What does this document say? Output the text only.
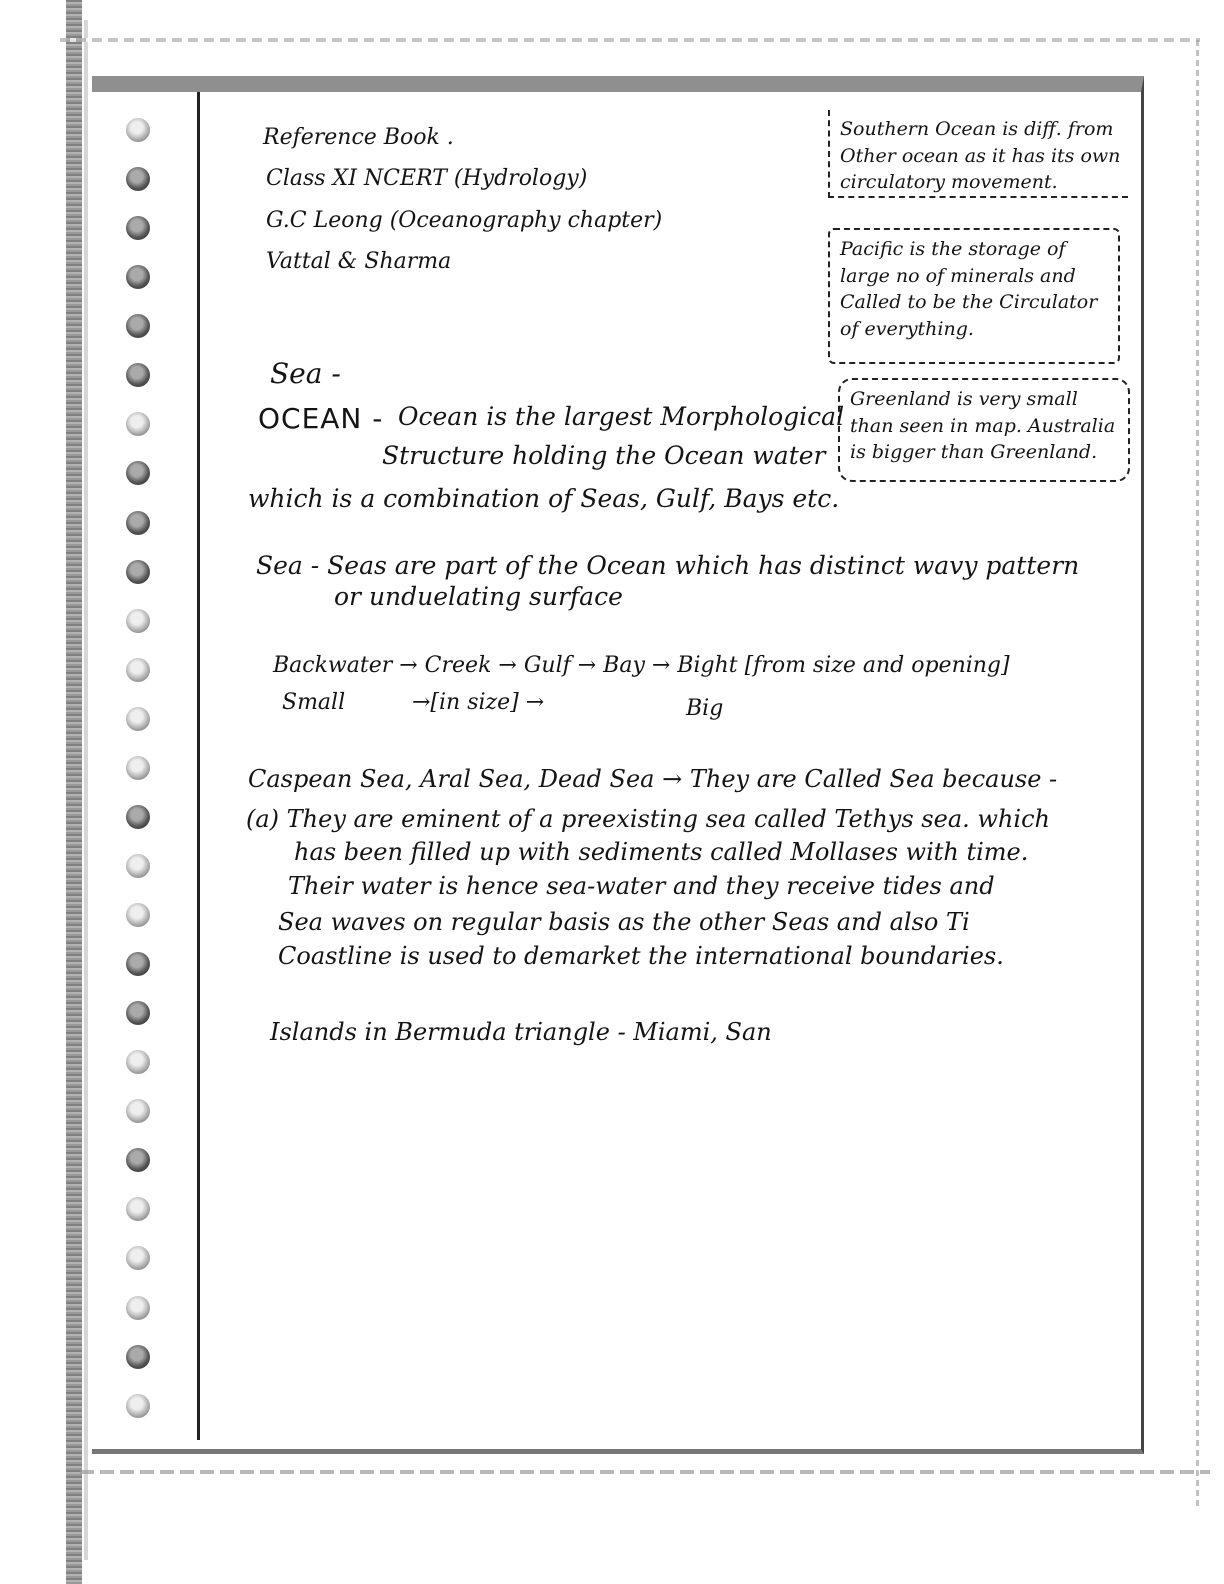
Reference Book .
Class XI NCERT (Hydrology)
G.C Leong (Oceanography chapter)
Vattal & Sharma
Southern Ocean is diff. from
Other ocean as it has its own
circulatory movement.
Pacific is the storage of
large no of minerals and
Called to be the Circulator
of everything.
Greenland is very small
than seen in map. Australia
is bigger than Greenland.
Sea -
OCEAN - Ocean is the largest Morphological
Structure holding the Ocean water
which is a combination of Seas, Gulf, Bays etc.
Sea - Seas are part of the Ocean which has distinct wavy pattern
or unduelating surface
Backwater → Creek → Gulf → Bay → Bight [from size and opening]
Small	→[in size] →	Big
Caspean Sea, Aral Sea, Dead Sea → They are Called Sea because -
(a) They are eminent of a preexisting sea called Tethys sea. which
has been filled up with sediments called Mollases with time.
Their water is hence sea-water and they receive tides and
Sea waves on regular basis as the other Seas and also Ti
Coastline is used to demarket the international boundaries.
Islands in Bermuda triangle - Miami, San
